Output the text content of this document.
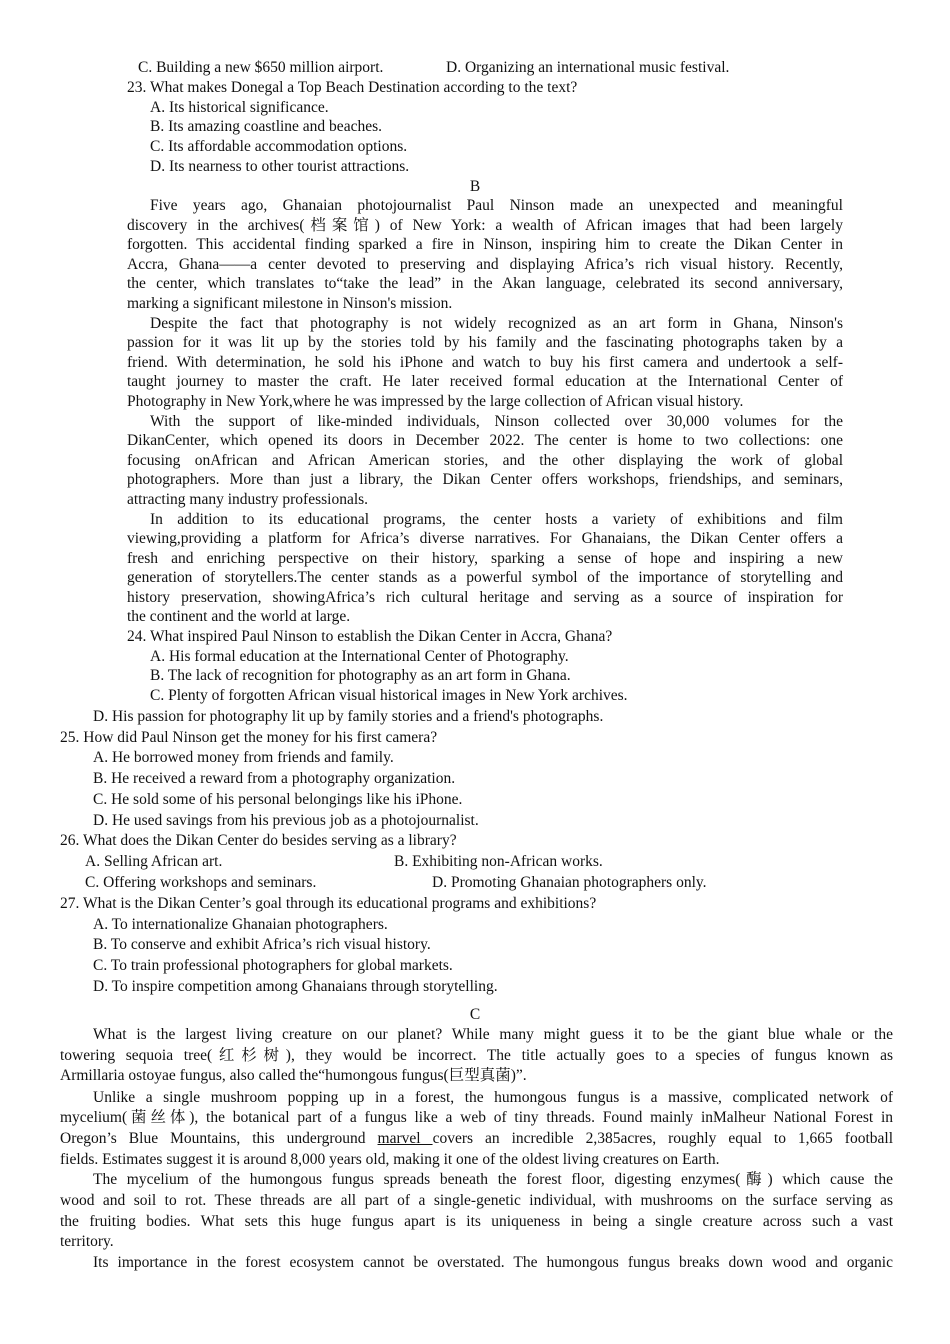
C. Building a new $650 million airport.	D. Organizing an international music festival.
23. What makes Donegal a Top Beach Destination according to the text?
A. Its historical significance.
B. Its amazing coastline and beaches.
C. Its affordable accommodation options.
D. Its nearness to other tourist attractions.
B
Five years ago, Ghanaian photojournalist Paul Ninson made an unexpected and meaningful
discovery in the archives(档案馆) of New York: a wealth of African images that had been largely
forgotten. This accidental finding sparked a fire in Ninson, inspiring him to create the Dikan Center in
Accra, Ghana——a center devoted to preserving and displaying Africa’s rich visual history. Recently,
the center, which translates to“take the lead” in the Akan language, celebrated its second anniversary,
marking a significant milestone in Ninson's mission.
Despite the fact that photography is not widely recognized as an art form in Ghana, Ninson's
passion for it was lit up by the stories told by his family and the fascinating photographs taken by a
friend. With determination, he sold his iPhone and watch to buy his first camera and undertook a self-
taught journey to master the craft. He later received formal education at the International Center of
Photography in New York,where he was impressed by the large collection of African visual history.
With the support of like-minded individuals, Ninson collected over 30,000 volumes for the
DikanCenter, which opened its doors in December 2022. The center is home to two collections: one
focusing onAfrican and African American stories, and the other displaying the work of global
photographers. More than just a library, the Dikan Center offers workshops, friendships, and seminars,
attracting many industry professionals.
In addition to its educational programs, the center hosts a variety of exhibitions and film
viewing,providing a platform for Africa’s diverse narratives. For Ghanaians, the Dikan Center offers a
fresh and enriching perspective on their history, sparking a sense of hope and inspiring a new
generation of storytellers.The center stands as a powerful symbol of the importance of storytelling and
history preservation, showingAfrica’s rich cultural heritage and serving as a source of inspiration for
the continent and the world at large.
24. What inspired Paul Ninson to establish the Dikan Center in Accra, Ghana?
A. His formal education at the International Center of Photography.
B. The lack of recognition for photography as an art form in Ghana.
C. Plenty of forgotten African visual historical images in New York archives.
D. His passion for photography lit up by family stories and a friend's photographs.
25. How did Paul Ninson get the money for his first camera?
A. He borrowed money from friends and family.
B. He received a reward from a photography organization.
C. He sold some of his personal belongings like his iPhone.
D. He used savings from his previous job as a photojournalist.
26. What does the Dikan Center do besides serving as a library?
A. Selling African art.	B. Exhibiting non-African works.
C. Offering workshops and seminars.	D. Promoting Ghanaian photographers only.
27. What is the Dikan Center’s goal through its educational programs and exhibitions?
A. To internationalize Ghanaian photographers.
B. To conserve and exhibit Africa’s rich visual history.
C. To train professional photographers for global markets.
D. To inspire competition among Ghanaians through storytelling.
C
What is the largest living creature on our planet? While many might guess it to be the giant blue whale or the
towering sequoia tree(红杉树), they would be incorrect. The title actually goes to a species of fungus known as
Armillaria ostoyae fungus, also called the“humongous fungus(巨型真菌)”.
Unlike a single mushroom popping up in a forest, the humongous fungus is a massive, complicated network of
mycelium(菌丝体), the botanical part of a fungus like a web of tiny threads. Found mainly inMalheur National Forest in
Oregon’s Blue Mountains, this underground marvel covers an incredible 2,385acres, roughly equal to 1,665 football
fields. Estimates suggest it is around 8,000 years old, making it one of the oldest living creatures on Earth.
The mycelium of the humongous fungus spreads beneath the forest floor, digesting enzymes(酶) which cause the
wood and soil to rot. These threads are all part of a single-genetic individual, with mushrooms on the surface serving as
the fruiting bodies. What sets this huge fungus apart is its uniqueness in being a single creature across such a vast
territory.
Its importance in the forest ecosystem cannot be overstated. The humongous fungus breaks down wood and organic
